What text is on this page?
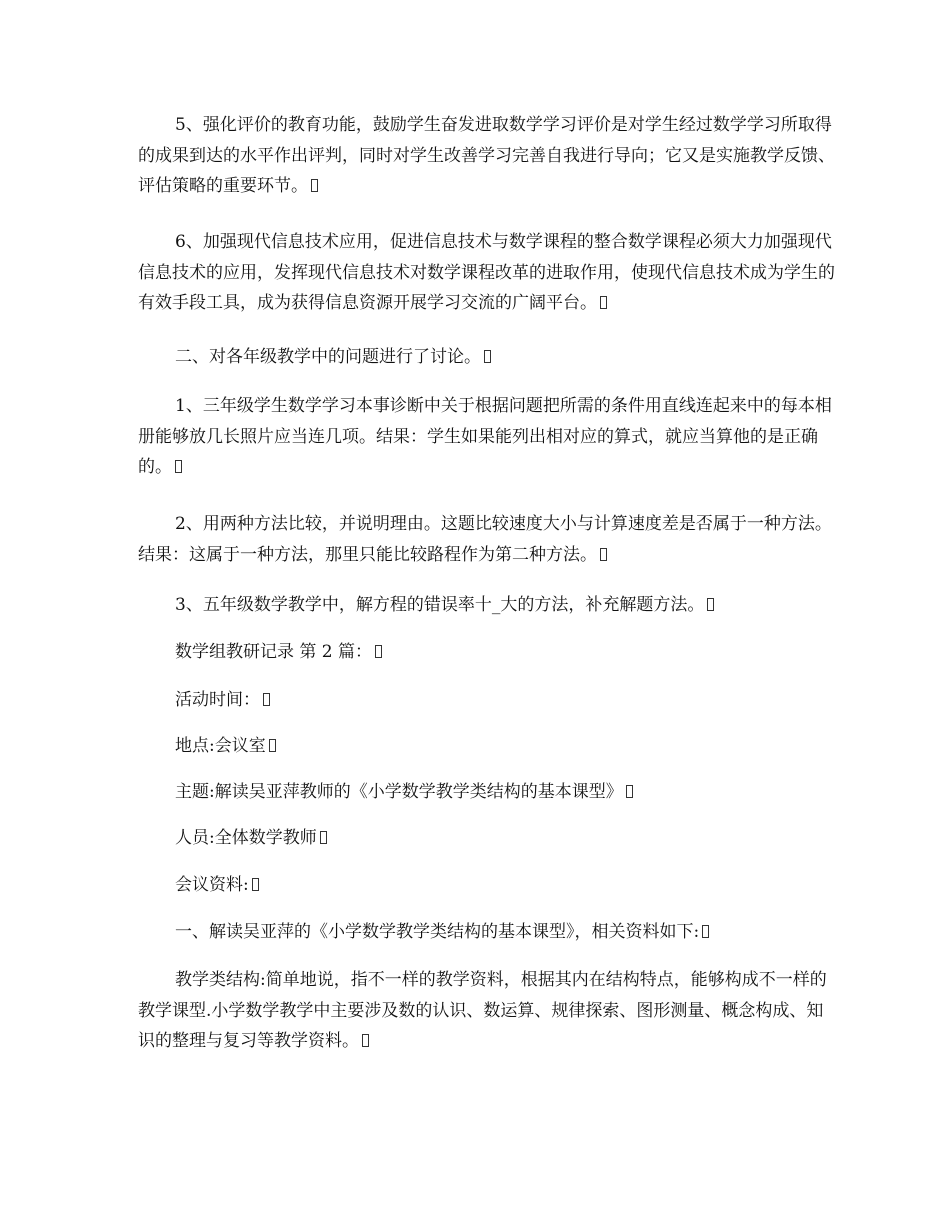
5、强化评价的教育功能，鼓励学生奋发进取数学学习评价是对学生经过数学学习所取得的成果到达的水平作出评判，同时对学生改善学习完善自我进行导向；它又是实施教学反馈、评估策略的重要环节。

6、加强现代信息技术应用，促进信息技术与数学课程的整合数学课程必须大力加强现代信息技术的应用，发挥现代信息技术对数学课程改革的进取作用，使现代信息技术成为学生的有效手段工具，成为获得信息资源开展学习交流的广阔平台。

二、对各年级教学中的问题进行了讨论。

1、三年级学生数学学习本事诊断中关于根据问题把所需的条件用直线连起来中的每本相册能够放几长照片应当连几项。结果：学生如果能列出相对应的算式，就应当算他的是正确的。

2、用两种方法比较，并说明理由。这题比较速度大小与计算速度差是否属于一种方法。结果：这属于一种方法，那里只能比较路程作为第二种方法。

3、五年级数学教学中，解方程的错误率十_大的方法，补充解题方法。

数学组教研记录 第 2 篇：

活动时间：

地点:会议室

主题:解读吴亚萍教师的《小学数学教学类结构的基本课型》

人员:全体数学教师

会议资料:

一、解读吴亚萍的《小学数学教学类结构的基本课型》，相关资料如下:

教学类结构:简单地说，指不一样的教学资料，根据其内在结构特点，能够构成不一样的教学课型.小学数学教学中主要涉及数的认识、数运算、规律探索、图形测量、概念构成、知识的整理与复习等教学资料。
